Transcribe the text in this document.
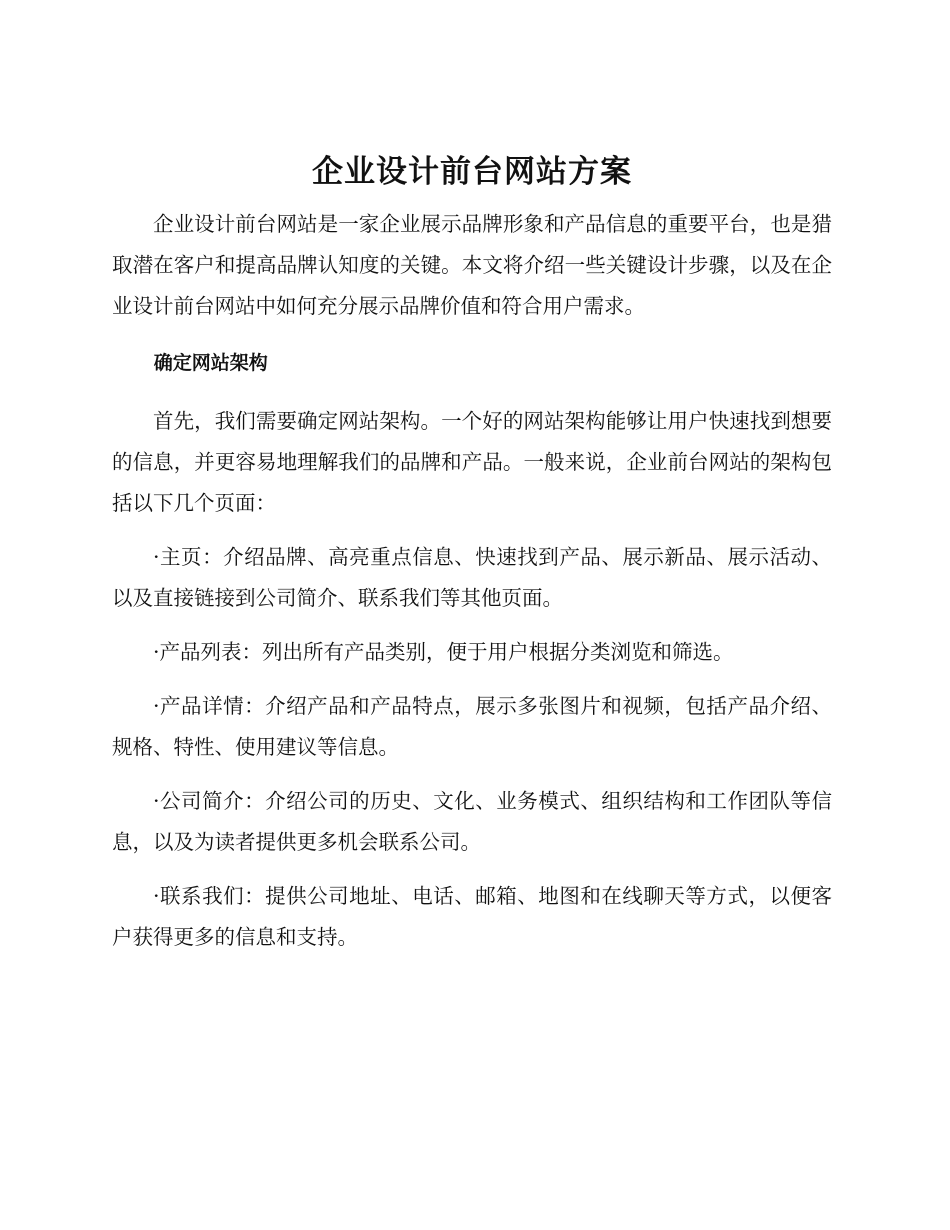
企业设计前台网站方案

企业设计前台网站是一家企业展示品牌形象和产品信息的重要平台，也是猎取潜在客户和提高品牌认知度的关键。本文将介绍一些关键设计步骤，以及在企业设计前台网站中如何充分展示品牌价值和符合用户需求。

确定网站架构

首先，我们需要确定网站架构。一个好的网站架构能够让用户快速找到想要的信息，并更容易地理解我们的品牌和产品。一般来说，企业前台网站的架构包括以下几个页面：

·主页：介绍品牌、高亮重点信息、快速找到产品、展示新品、展示活动、以及直接链接到公司简介、联系我们等其他页面。

·产品列表：列出所有产品类别，便于用户根据分类浏览和筛选。

·产品详情：介绍产品和产品特点，展示多张图片和视频，包括产品介绍、规格、特性、使用建议等信息。

·公司简介：介绍公司的历史、文化、业务模式、组织结构和工作团队等信息，以及为读者提供更多机会联系公司。

·联系我们：提供公司地址、电话、邮箱、地图和在线聊天等方式，以便客户获得更多的信息和支持。
